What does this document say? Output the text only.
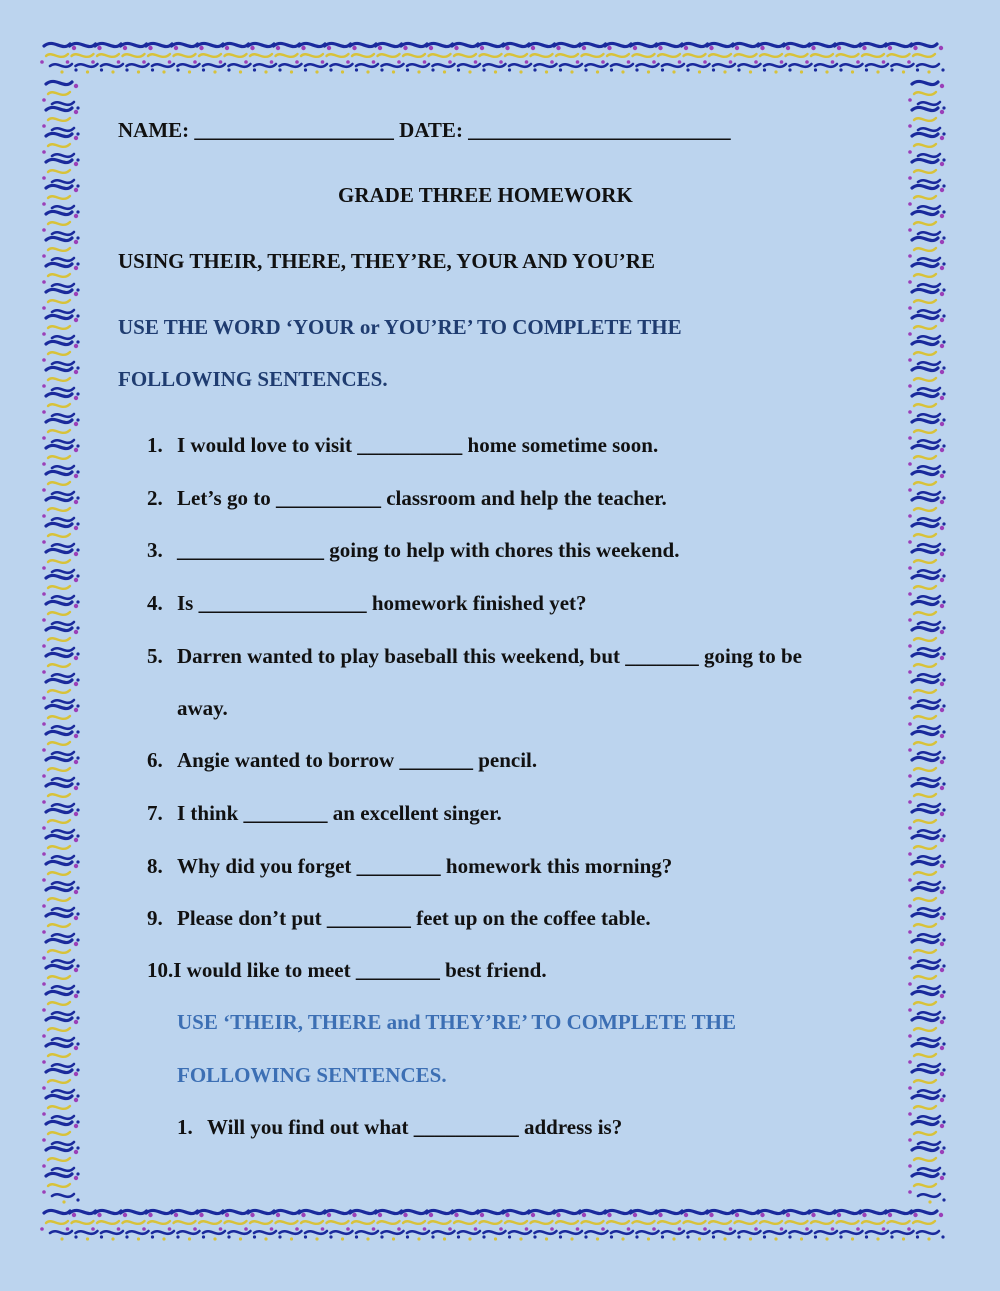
NAME: ___________________ DATE: _________________________
GRADE THREE HOMEWORK
USING THEIR, THERE, THEY’RE, YOUR AND YOU’RE
USE THE WORD ‘YOUR or YOU’RE’ TO COMPLETE THE
FOLLOWING SENTENCES.
1. I would love to visit __________ home sometime soon.
2. Let’s go to __________ classroom and help the teacher.
3. ______________ going to help with chores this weekend.
4. Is ________________ homework finished yet?
5. Darren wanted to play baseball this weekend, but _______ going to be
away.
6. Angie wanted to borrow _______ pencil.
7. I think ________ an excellent singer.
8. Why did you forget ________ homework this morning?
9. Please don’t put ________ feet up on the coffee table.
10.I would like to meet ________ best friend.
USE ‘THEIR, THERE and THEY’RE’ TO COMPLETE THE
FOLLOWING SENTENCES.
1. Will you find out what __________ address is?
